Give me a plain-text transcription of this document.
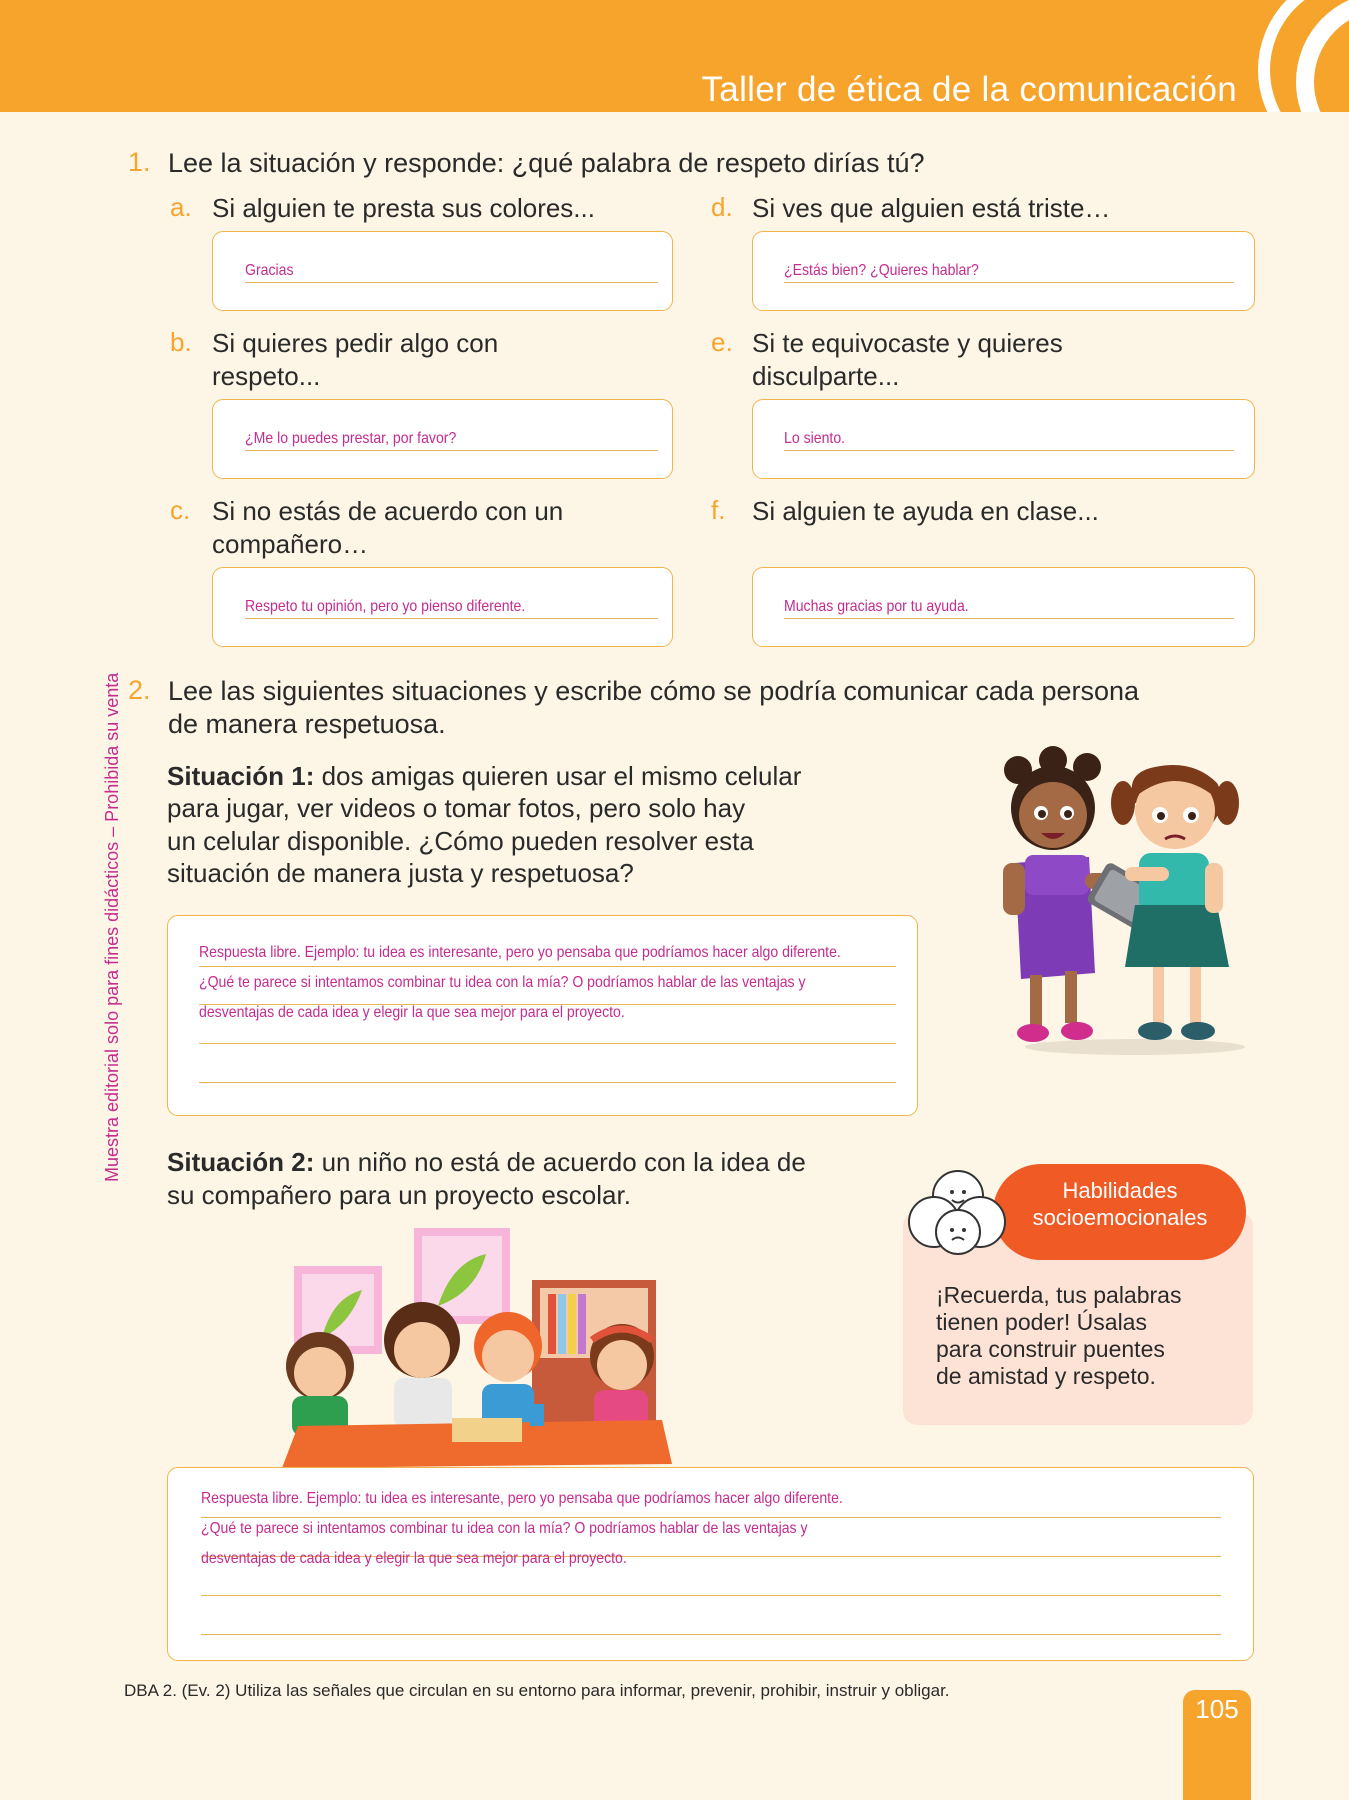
Taller de ética de la comunicación
Muestra editorial solo para fines didácticos – Prohibida su venta
1. Lee la situación y responde: ¿qué palabra de respeto dirías tú?
a. Si alguien te presta sus colores...
Gracias
b. Si quieres pedir algo con
respeto...
¿Me lo puedes prestar, por favor?
c. Si no estás de acuerdo con un
compañero…
Respeto tu opinión, pero yo pienso diferente.
d. Si ves que alguien está triste…
¿Estás bien? ¿Quieres hablar?
e. Si te equivocaste y quieres
disculparte...
Lo siento.
f. Si alguien te ayuda en clase...
Muchas gracias por tu ayuda.
2. Lee las siguientes situaciones y escribe cómo se podría comunicar cada persona
de manera respetuosa.
Situación 1: dos amigas quieren usar el mismo celular
para jugar, ver videos o tomar fotos, pero solo hay
un celular disponible. ¿Cómo pueden resolver esta
situación de manera justa y respetuosa?
Respuesta libre. Ejemplo: tu idea es interesante, pero yo pensaba que podríamos hacer algo diferente.
¿Qué te parece si intentamos combinar tu idea con la mía? O podríamos hablar de las ventajas y
desventajas de cada idea y elegir la que sea mejor para el proyecto.
Situación 2: un niño no está de acuerdo con la idea de
su compañero para un proyecto escolar.	Habilidades
socioemocionales
¡Recuerda, tus palabras
tienen poder! Úsalas
para construir puentes
de amistad y respeto.
Respuesta libre. Ejemplo: tu idea es interesante, pero yo pensaba que podríamos hacer algo diferente.
¿Qué te parece si intentamos combinar tu idea con la mía? O podríamos hablar de las ventajas y
desventajas de cada idea y elegir la que sea mejor para el proyecto.
DBA 2. (Ev. 2) Utiliza las señales que circulan en su entorno para informar, prevenir, prohibir, instruir y obligar.
105
